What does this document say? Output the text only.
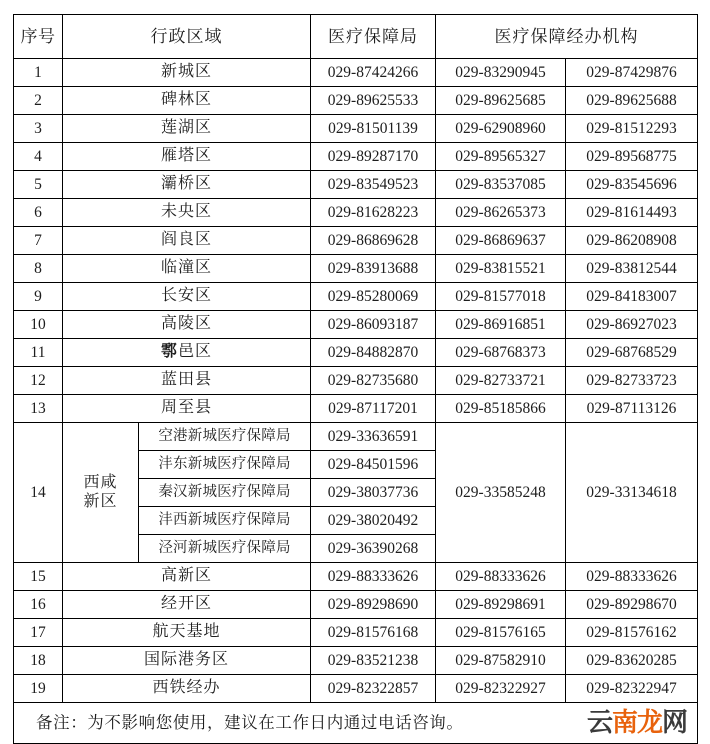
序号	行政区域		医疗保障局	医疗保障经办机构	
1	新城区		029-87424266	029-83290945	029-87429876
2	碑林区		029-89625533	029-89625685	029-89625688
3	莲湖区		029-81501139	029-62908960	029-81512293
4	雁塔区		029-89287170	029-89565327	029-89568775
5	灞桥区		029-83549523	029-83537085	029-83545696
6	未央区		029-81628223	029-86265373	029-81614493
7	阎良区		029-86869628	029-86869637	029-86208908
8	临潼区		029-83913688	029-83815521	029-83812544
9	长安区		029-85280069	029-81577018	029-84183007
10	高陵区		029-86093187	029-86916851	029-86927023
11	鄠邑区		029-84882870	029-68768373	029-68768529
12	蓝田县		029-82735680	029-82733721	029-82733723
13	周至县		029-87117201	029-85185866	029-87113126
14	西咸
新区	空港新城医疗保障局	029-33636591	029-33585248	029-33134618
		沣东新城医疗保障局	029-84501596		
		秦汉新城医疗保障局	029-38037736		
		沣西新城医疗保障局	029-38020492		
		泾河新城医疗保障局	029-36390268		
15	高新区		029-88333626	029-88333626	029-88333626
16	经开区		029-89298690	029-89298691	029-89298670
17	航天基地		029-81576168	029-81576165	029-81576162
18	国际港务区		029-83521238	029-87582910	029-83620285
19	西铁经办		029-82322857	029-82322927	029-82322947
备注：为不影响您使用，建议在工作日内通过电话咨询。 云南龙网					
